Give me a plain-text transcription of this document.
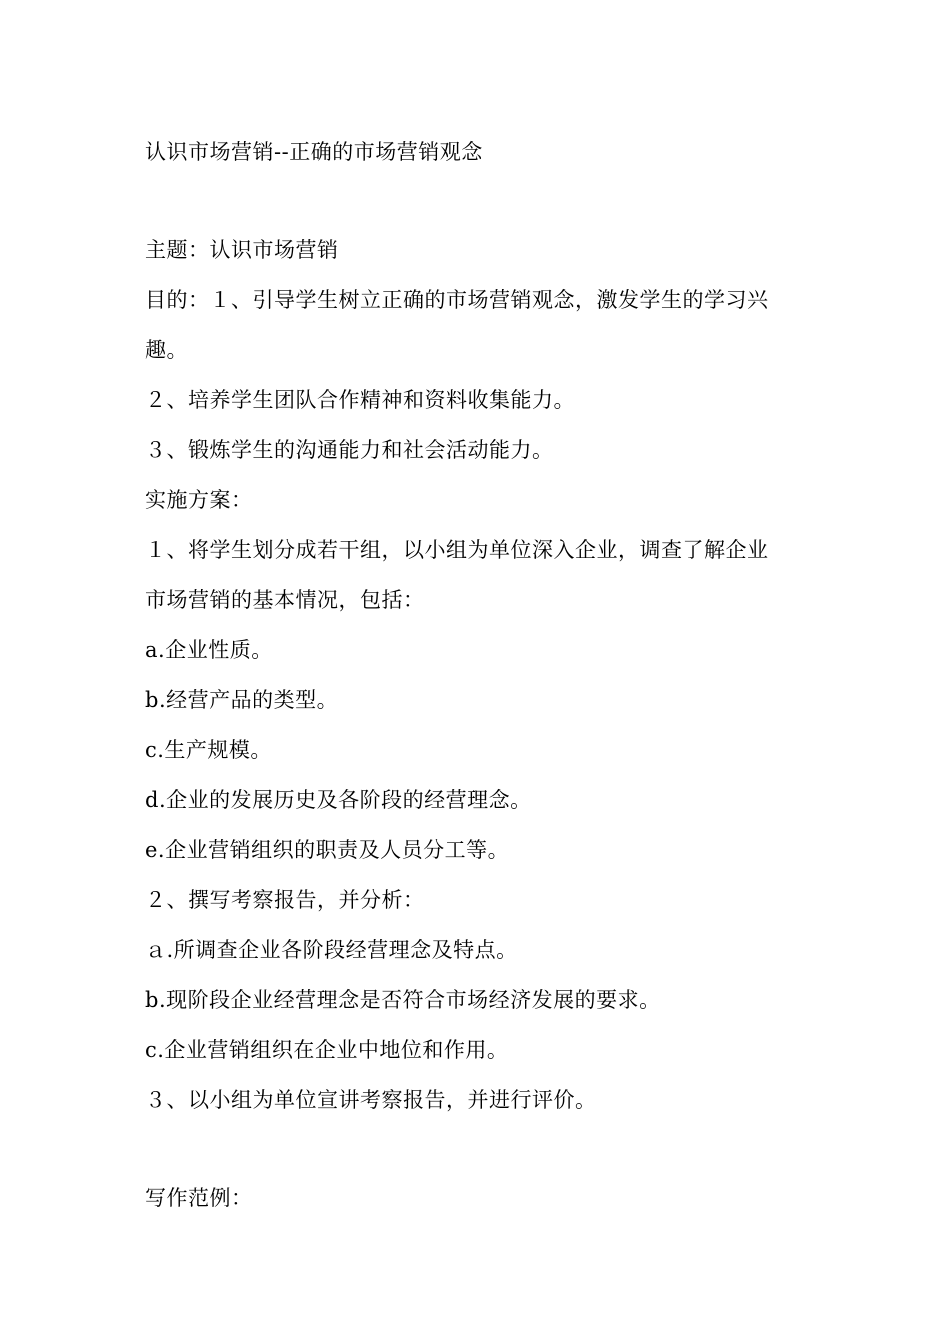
认识市场营销--正确的市场营销观念
主题：认识市场营销
目的：１、引导学生树立正确的市场营销观念，激发学生的学习兴
趣。
２、培养学生团队合作精神和资料收集能力。
３、锻炼学生的沟通能力和社会活动能力。
实施方案：
１、将学生划分成若干组，以小组为单位深入企业，调查了解企业
市场营销的基本情况，包括：
a.企业性质。
b.经营产品的类型。
c.生产规模。
d.企业的发展历史及各阶段的经营理念。
e.企业营销组织的职责及人员分工等。
２、撰写考察报告，并分析：
ａ.所调查企业各阶段经营理念及特点。
b.现阶段企业经营理念是否符合市场经济发展的要求。
c.企业营销组织在企业中地位和作用。
３、以小组为单位宣讲考察报告，并进行评价。
写作范例：
